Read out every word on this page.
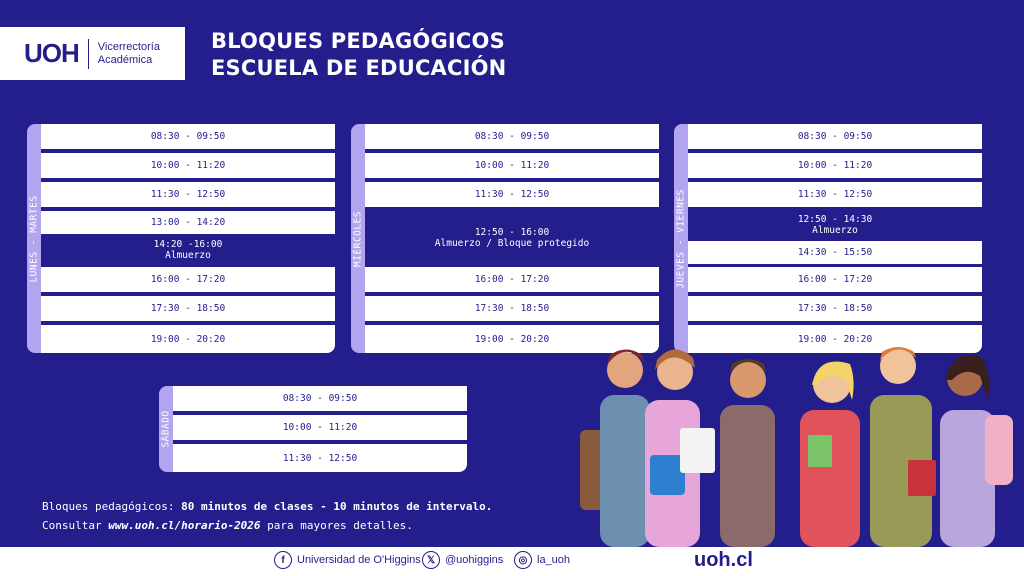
UOH Vicerrectoría
Académica
BLOQUES PEDAGÓGICOS
ESCUELA DE EDUCACIÓN
LUNES - MARTES
08:30 - 09:50
10:00 - 11:20
11:30 - 12:50
13:00 - 14:20
14:20 -16:00
Almuerzo
16:00 - 17:20
17:30 - 18:50
19:00 - 20:20
MIÉRCOLES
08:30 - 09:50
10:00 - 11:20
11:30 - 12:50
12:50 - 16:00
Almuerzo / Bloque protegido
16:00 - 17:20
17:30 - 18:50
19:00 - 20:20
JUEVES - VIERNES
08:30 - 09:50
10:00 - 11:20
11:30 - 12:50
12:50 - 14:30
Almuerzo
14:30 - 15:50
16:00 - 17:20
17:30 - 18:50
19:00 - 20:20
SÁBADO
08:30 - 09:50
10:00 - 11:20
11:30 - 12:50
Bloques pedagógicos: 80 minutos de clases - 10 minutos de intervalo.
Consultar www.uoh.cl/horario-2026 para mayores detalles.
f	Universidad de O'Higgins 𝕏 @uohiggins	◎ la_uoh	uoh.cl
